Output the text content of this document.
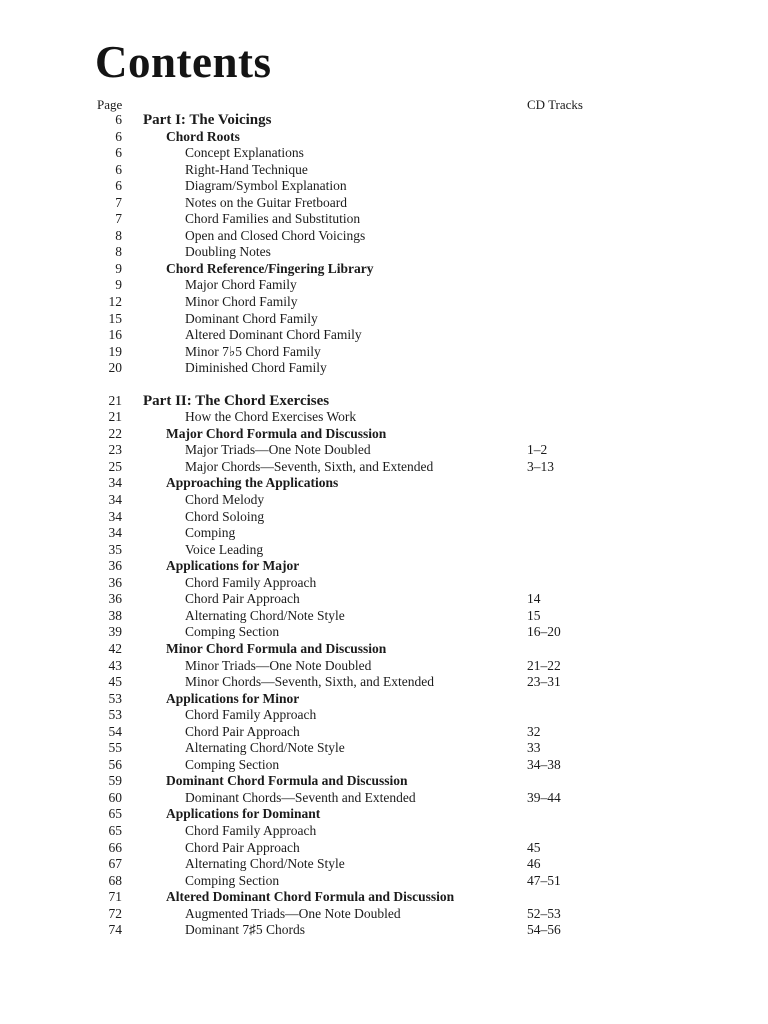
Contents
Page	CD Tracks
6 Part I: The Voicings
6	Chord Roots
6	Concept Explanations
6	Right-Hand Technique
6	Diagram/Symbol Explanation
7	Notes on the Guitar Fretboard
7	Chord Families and Substitution
8	Open and Closed Chord Voicings
8	Doubling Notes
9	Chord Reference/Fingering Library
9	Major Chord Family
12	Minor Chord Family
15	Dominant Chord Family
16	Altered Dominant Chord Family
19	Minor 7♭5 Chord Family
20	Diminished Chord Family
21 Part II: The Chord Exercises
21	How the Chord Exercises Work
22	Major Chord Formula and Discussion
23	Major Triads—One Note Doubled	1–2
25	Major Chords—Seventh, Sixth, and Extended	3–13
34	Approaching the Applications
34	Chord Melody
34	Chord Soloing
34	Comping
35	Voice Leading
36	Applications for Major
36	Chord Family Approach
36	Chord Pair Approach	14
38	Alternating Chord/Note Style	15
39	Comping Section	16–20
42	Minor Chord Formula and Discussion
43	Minor Triads—One Note Doubled	21–22
45	Minor Chords—Seventh, Sixth, and Extended	23–31
53	Applications for Minor
53	Chord Family Approach
54	Chord Pair Approach	32
55	Alternating Chord/Note Style	33
56	Comping Section	34–38
59	Dominant Chord Formula and Discussion
60	Dominant Chords—Seventh and Extended	39–44
65	Applications for Dominant
65	Chord Family Approach
66	Chord Pair Approach	45
67	Alternating Chord/Note Style	46
68	Comping Section	47–51
71	Altered Dominant Chord Formula and Discussion
72	Augmented Triads—One Note Doubled	52–53
74	Dominant 7♯5 Chords	54–56
